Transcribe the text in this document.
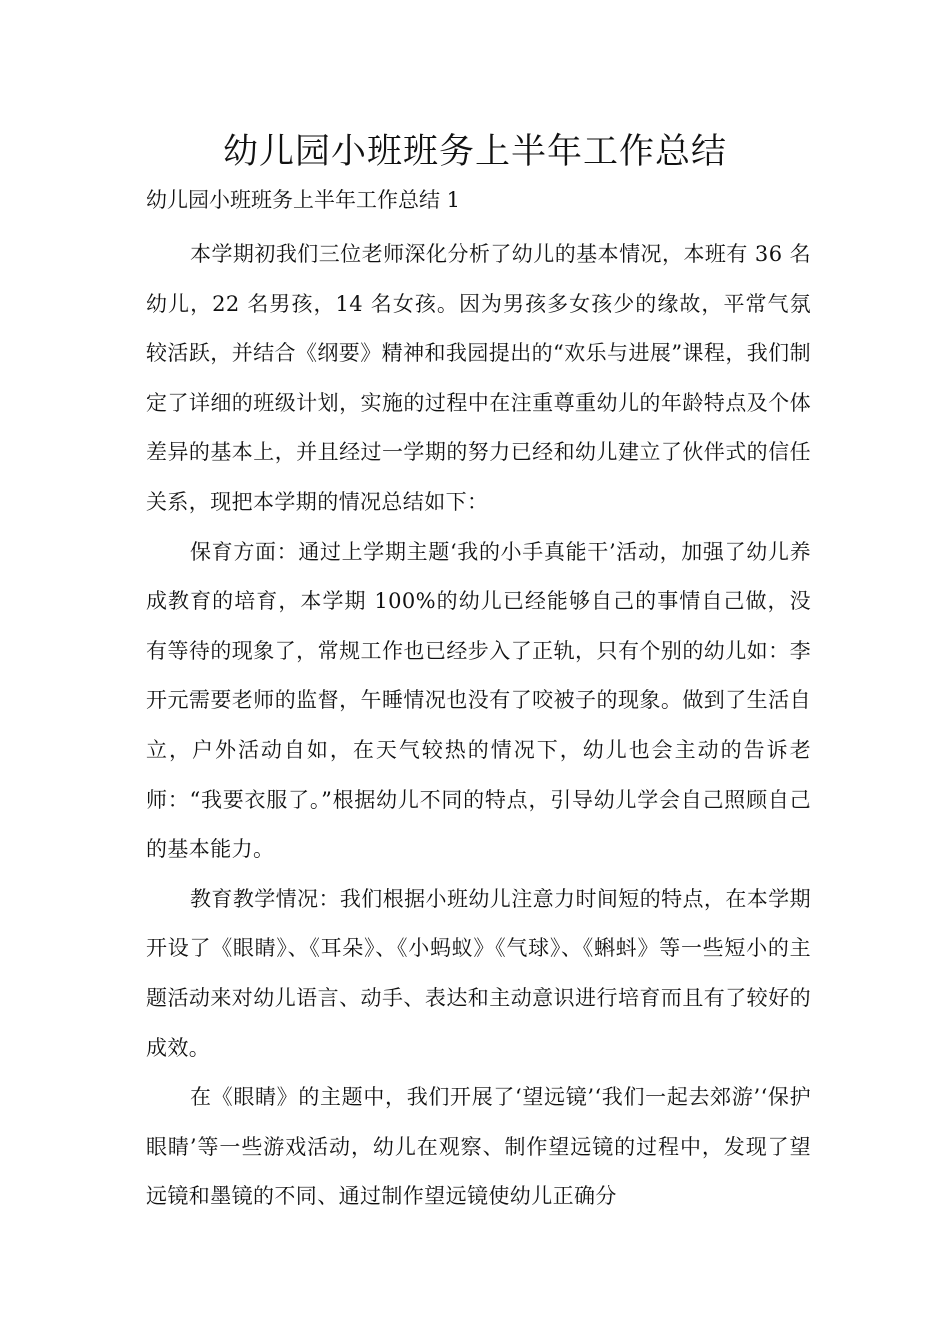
幼儿园小班班务上半年工作总结

幼儿园小班班务上半年工作总结 1

本学期初我们三位老师深化分析了幼儿的基本情况，本班有 36 名幼儿，22 名男孩，14 名女孩。因为男孩多女孩少的缘故，平常气氛较活跃，并结合《纲要》精神和我园提出的“欢乐与进展”课程，我们制定了详细的班级计划，实施的过程中在注重尊重幼儿的年龄特点及个体差异的基本上，并且经过一学期的努力已经和幼儿建立了伙伴式的信任关系，现把本学期的情况总结如下：

保育方面：通过上学期主题‘我的小手真能干’活动，加强了幼儿养成教育的培育，本学期 100%的幼儿已经能够自己的事情自己做，没有等待的现象了，常规工作也已经步入了正轨，只有个别的幼儿如：李开元需要老师的监督，午睡情况也没有了咬被子的现象。做到了生活自立，户外活动自如，在天气较热的情况下，幼儿也会主动的告诉老师：“我要衣服了。”根据幼儿不同的特点，引导幼儿学会自己照顾自己的基本能力。

教育教学情况：我们根据小班幼儿注意力时间短的特点，在本学期开设了《眼睛》、《耳朵》、《小蚂蚁》《气球》、《蝌蚪》等一些短小的主题活动来对幼儿语言、动手、表达和主动意识进行培育而且有了较好的成效。

在《眼睛》的主题中，我们开展了‘望远镜’‘我们一起去郊游’‘保护眼睛’等一些游戏活动，幼儿在观察、制作望远镜的过程中，发现了望远镜和墨镜的不同、通过制作望远镜使幼儿正确分
